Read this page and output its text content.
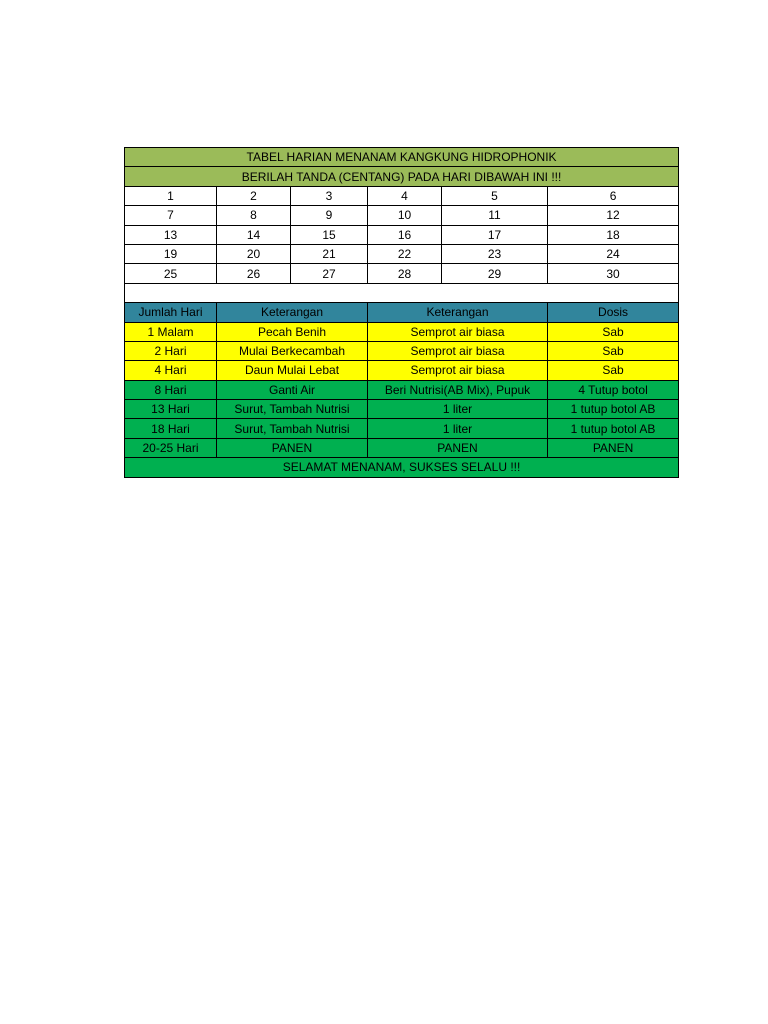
TABEL HARIAN MENANAM KANGKUNG HIDROPHONIK					
BERILAH TANDA (CENTANG) PADA HARI DIBAWAH INI !!!					
1	2	3	4	5	6
7	8	9	10	11	12
13	14	15	16	17	18
19	20	21	22	23	24
25	26	27	28	29	30

Jumlah Hari	Keterangan		Keterangan		Dosis
1 Malam	Pecah Benih		Semprot air biasa		Sab
2 Hari	Mulai Berkecambah		Semprot air biasa		Sab
4 Hari	Daun Mulai Lebat		Semprot air biasa		Sab
8 Hari	Ganti Air		Beri Nutrisi(AB Mix), Pupuk		4 Tutup botol
13 Hari	Surut, Tambah Nutrisi		1 liter		1 tutup botol AB
18 Hari	Surut, Tambah Nutrisi		1 liter		1 tutup botol AB
20-25 Hari	PANEN		PANEN		PANEN
SELAMAT MENANAM, SUKSES SELALU !!!					
